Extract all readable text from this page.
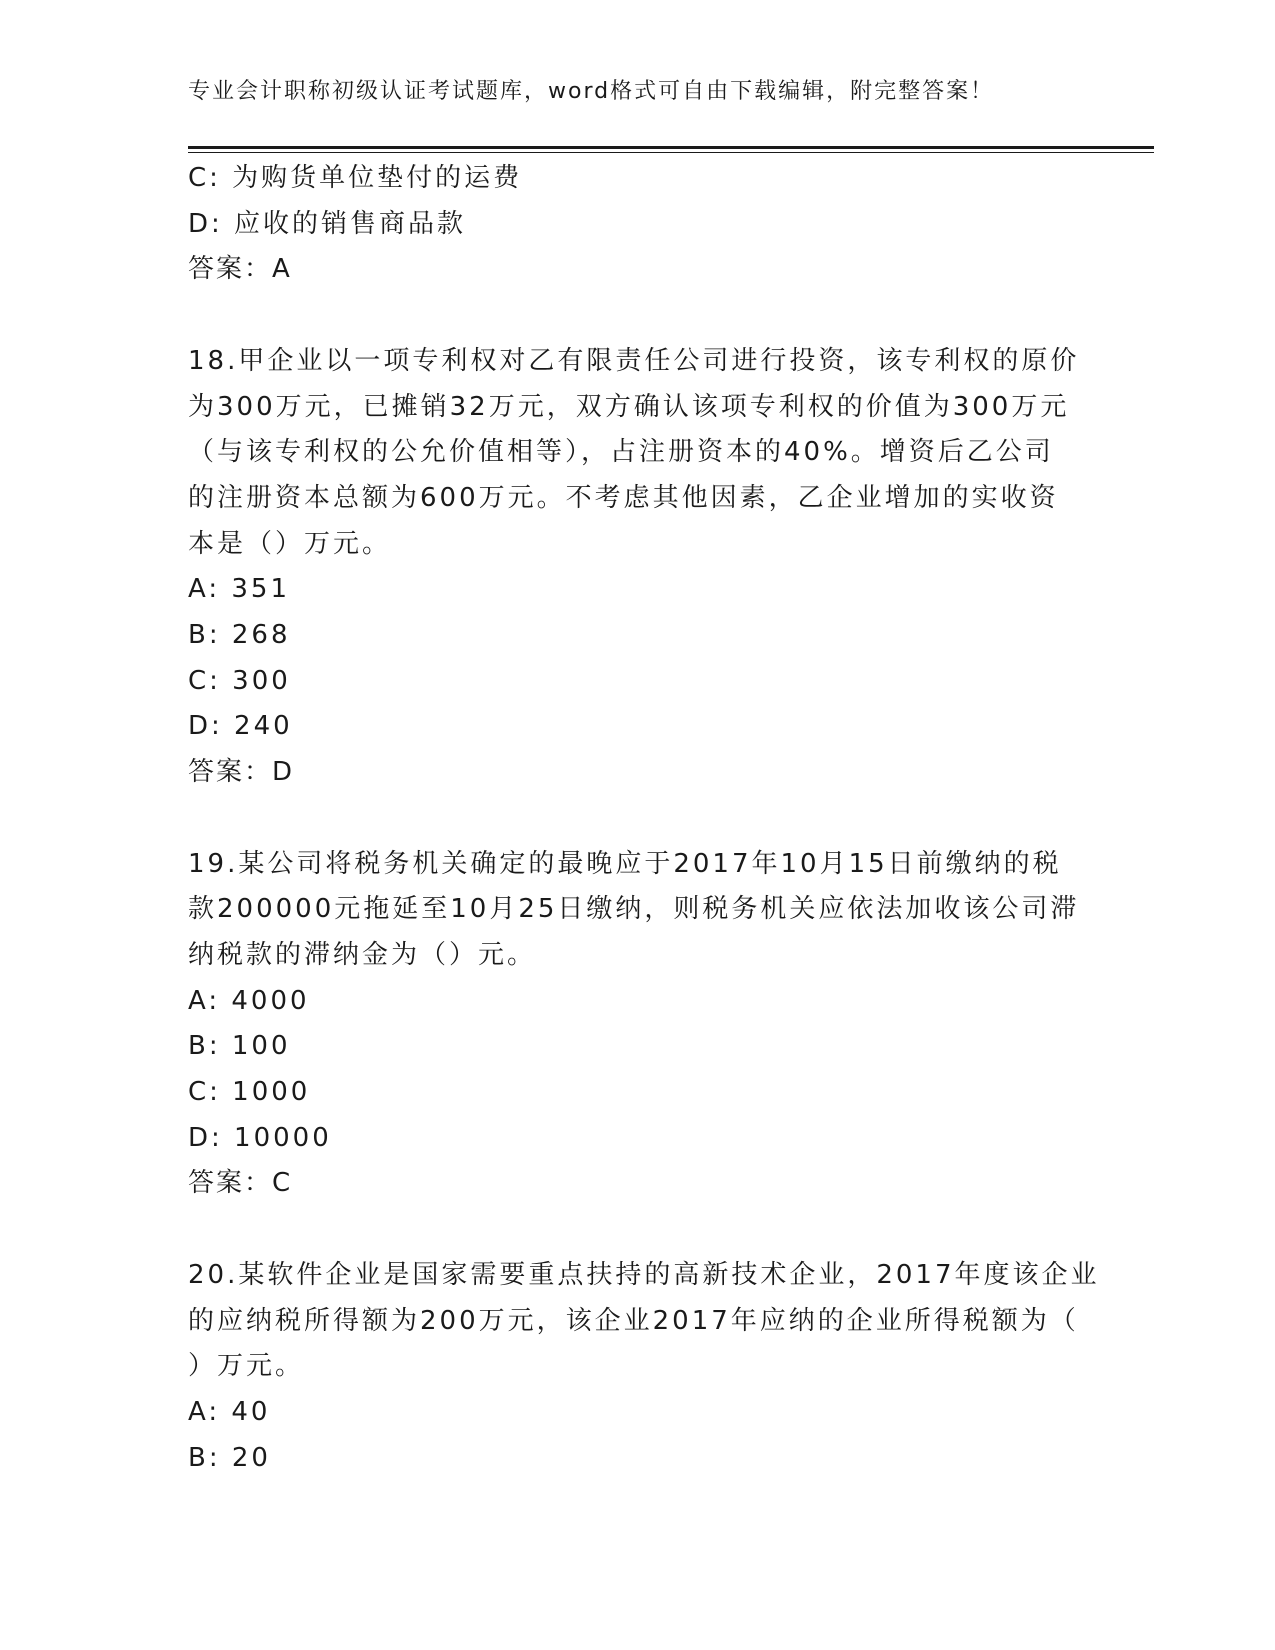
专业会计职称初级认证考试题库，word格式可自由下载编辑，附完整答案！
C: 为购货单位垫付的运费
D: 应收的销售商品款
答案：A
18.甲企业以一项专利权对乙有限责任公司进行投资，该专利权的原价
为300万元，已摊销32万元，双方确认该项专利权的价值为300万元
（与该专利权的公允价值相等），占注册资本的40%。增资后乙公司
的注册资本总额为600万元。不考虑其他因素，乙企业增加的实收资
本是（）万元。
A: 351
B: 268
C: 300
D: 240
答案：D
19.某公司将税务机关确定的最晚应于2017年10月15日前缴纳的税
款200000元拖延至10月25日缴纳，则税务机关应依法加收该公司滞
纳税款的滞纳金为（）元。
A: 4000
B: 100
C: 1000
D: 10000
答案：C
20.某软件企业是国家需要重点扶持的高新技术企业，2017年度该企业
的应纳税所得额为200万元，该企业2017年应纳的企业所得税额为（
）万元。
A: 40
B: 20
